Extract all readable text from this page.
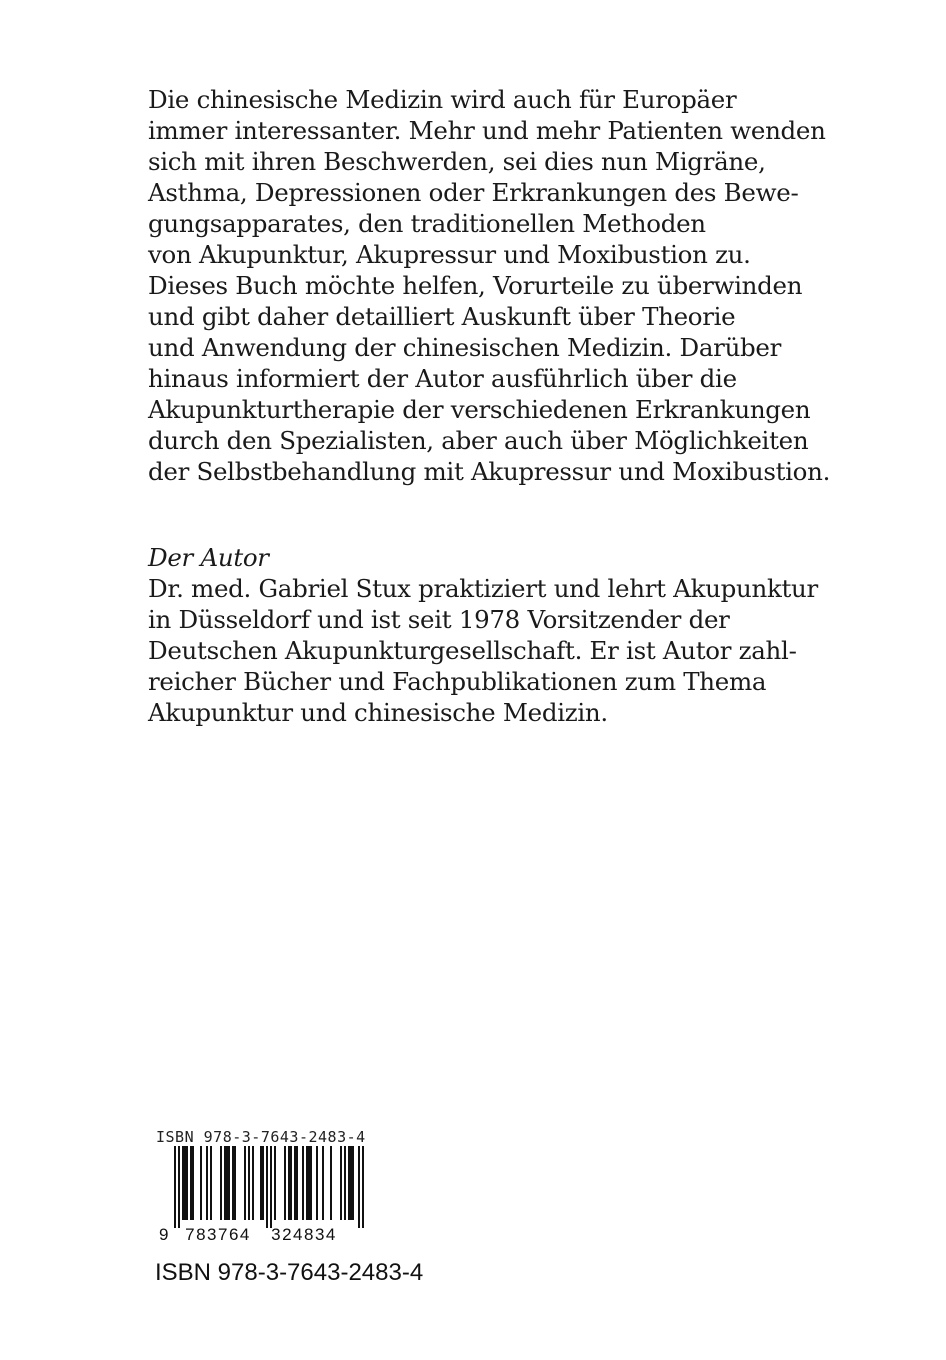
Die chinesische Medizin wird auch für Europäer
immer interessanter. Mehr und mehr Patienten wenden
sich mit ihren Beschwerden, sei dies nun Migräne,
Asthma, Depressionen oder Erkrankungen des Bewe-
gungsapparates, den traditionellen Methoden
von Akupunktur, Akupressur und Moxibustion zu.
Dieses Buch möchte helfen, Vorurteile zu überwinden
und gibt daher detailliert Auskunft über Theorie
und Anwendung der chinesischen Medizin. Darüber
hinaus informiert der Autor ausführlich über die
Akupunkturtherapie der verschiedenen Erkrankungen
durch den Spezialisten, aber auch über Möglichkeiten
der Selbstbehandlung mit Akupressur und Moxibustion.
Der Autor
Dr. med. Gabriel Stux praktiziert und lehrt Akupunktur
in Düsseldorf und ist seit 1978 Vorsitzender der
Deutschen Akupunkturgesellschaft. Er ist Autor zahl-
reicher Bücher und Fachpublikationen zum Thema
Akupunktur und chinesische Medizin.
ISBN 978-3-7643-2483-4
9 783764 324834
ISBN 978-3-7643-2483-4
